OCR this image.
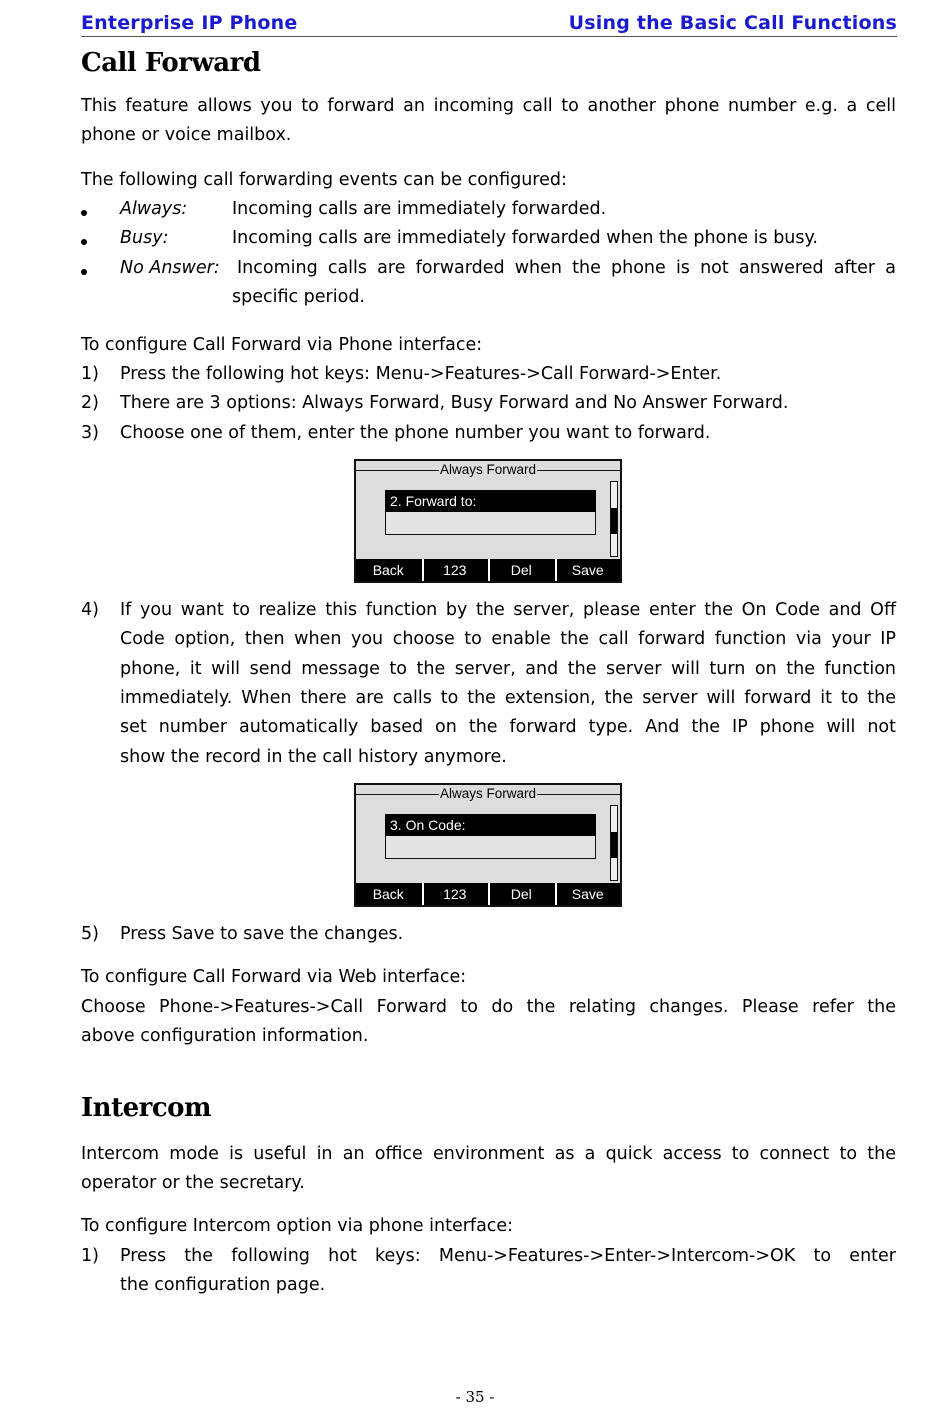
Enterprise IP Phone	Using the Basic Call Functions
Call Forward
This feature allows you to forward an incoming call to another phone number e.g. a cell
phone or voice mailbox.
The following call forwarding events can be configured:
Always:	Incoming calls are immediately forwarded.
Busy:	Incoming calls are immediately forwarded when the phone is busy.
No Answer: Incoming calls are forwarded when the phone is not answered after a
specific period.
To configure Call Forward via Phone interface:
1) Press the following hot keys: Menu->Features->Call Forward->Enter.
2) There are 3 options: Always Forward, Busy Forward and No Answer Forward.
3) Choose one of them, enter the phone number you want to forward.
Always Forward
2. Forward to:
Back	123	Del	Save
4) If you want to realize this function by the server, please enter the On Code and Off
Code option, then when you choose to enable the call forward function via your IP
phone, it will send message to the server, and the server will turn on the function
immediately. When there are calls to the extension, the server will forward it to the
set number automatically based on the forward type. And the IP phone will not
show the record in the call history anymore.
Always Forward
3. On Code:
Back	123	Del	Save
5) Press Save to save the changes.
To configure Call Forward via Web interface:
Choose Phone->Features->Call Forward to do the relating changes. Please refer the
above configuration information.
Intercom
Intercom mode is useful in an office environment as a quick access to connect to the
operator or the secretary.
To configure Intercom option via phone interface:
1) Press the following hot keys: Menu->Features->Enter->Intercom->OK to enter
the configuration page.
- 35 -
